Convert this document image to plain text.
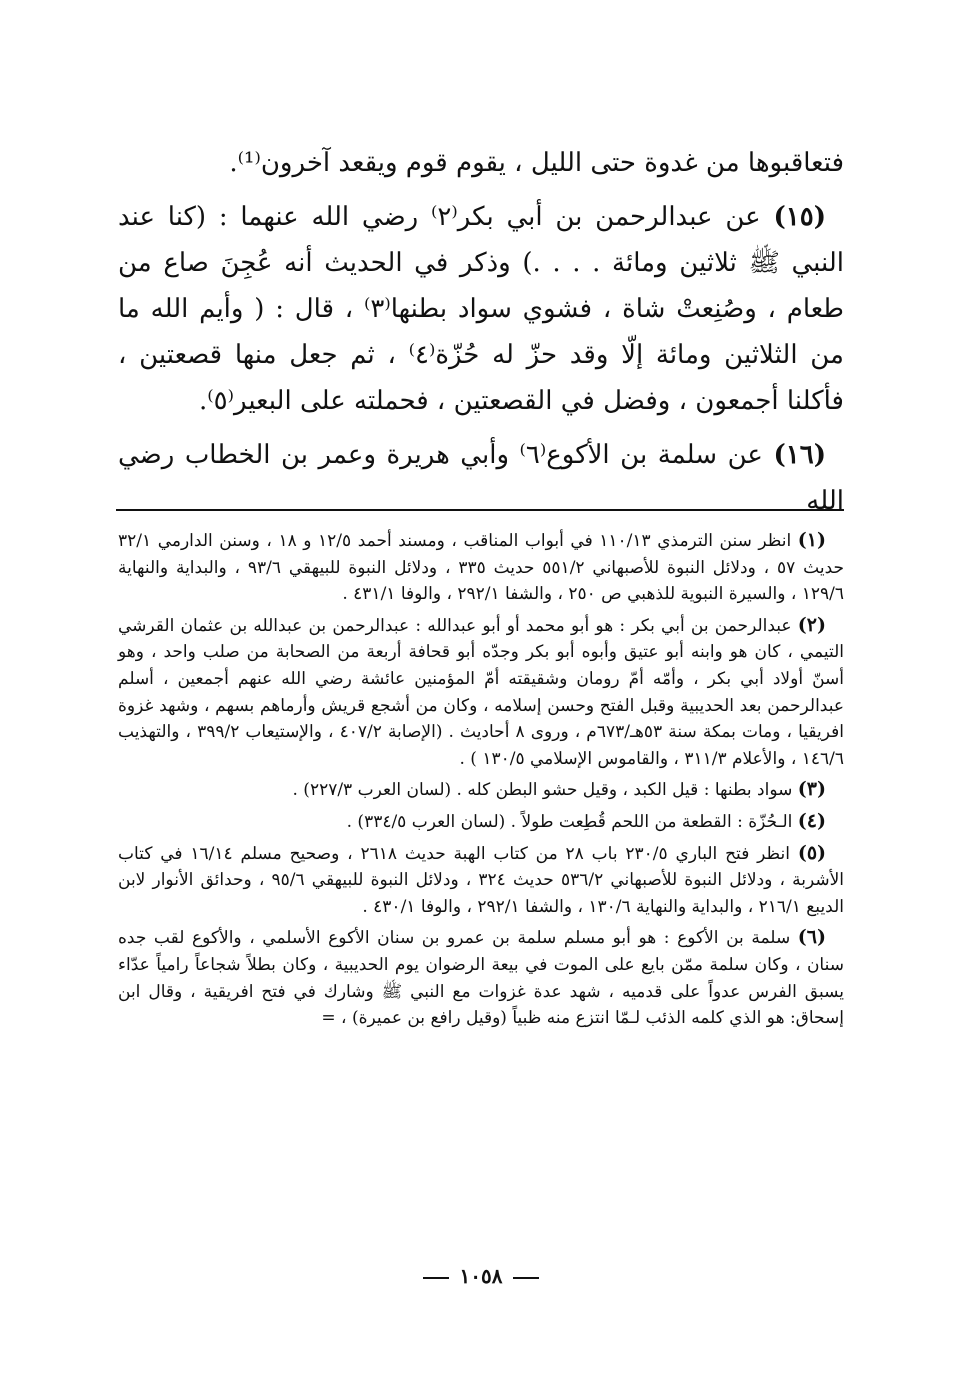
فتعاقبوها من غدوة حتى الليل ، يقوم قوم ويقعد آخرون⁽¹⁾.

(١٥) عن عبدالرحمن بن أبي بكر⁽٢⁾ رضي الله عنهما : (كنا عند النبي ﷺ ثلاثين ومائة . . . .) وذكر في الحديث أنه عُجِنَ صاع من طعام ، وصُنِعتْ شاة ، فشوي سواد بطنها⁽٣⁾ ، قال : ( وأيم الله ما من الثلاثين ومائة إلّا وقد حزّ له حُزّة⁽٤⁾ ، ثم جعل منها قصعتين ، فأكلنا أجمعون ، وفضل في القصعتين ، فحملته على البعير⁽٥⁾.

(١٦) عن سلمة بن الأكوع⁽٦⁾ وأبي هريرة وعمر بن الخطاب رضي الله

(١) انظر سنن الترمذي ١١٠/١٣ في أبواب المناقب ، ومسند أحمد ١٢/٥ و ١٨ ، وسنن الدارمي ٣٢/١ حديث ٥٧ ، ودلائل النبوة للأصبهاني ٥٥١/٢ حديث ٣٣٥ ، ودلائل النبوة للبيهقي ٩٣/٦ ، والبداية والنهاية ١٢٩/٦ ، والسيرة النبوية للذهبي ص ٢٥٠ ، والشفا ٢٩٢/١ ، والوفا ٤٣١/١ .

(٢) عبدالرحمن بن أبي بكر : هو أبو محمد أو أبو عبدالله : عبدالرحمن بن عبدالله بن عثمان القرشي التيمي ، كان هو وابنه أبو عتيق وأبوه أبو بكر وجدّه أبو قحافة أربعة من الصحابة من صلب واحد ، وهو أسنّ أولاد أبي بكر ، وأمّه أمّ رومان وشقيقته أمّ المؤمنين عائشة رضي الله عنهم أجمعين ، أسلم عبدالرحمن بعد الحديبية وقبل الفتح وحسن إسلامه ، وكان من أشجع قريش وأرماهم بسهم ، وشهد غزوة افريقيا ، ومات بمكة سنة ٥٣هـ/٦٧٣م ، وروى ٨ أحاديث . (الإصابة ٤٠٧/٢ ، والإستيعاب ٣٩٩/٢ ، والتهذيب ١٤٦/٦ ، والأعلام ٣١١/٣ ، والقاموس الإسلامي ١٣٠/٥ ) .

(٣) سواد بطنها : قيل الكبد ، وقيل حشو البطن كله . (لسان العرب ٢٢٧/٣) .

(٤) الـحُزّة : القطعة من اللحم قُطِعت طولاً . (لسان العرب ٣٣٤/٥) .

(٥) انظر فتح الباري ٢٣٠/٥ باب ٢٨ من كتاب الهبة حديث ٢٦١٨ ، وصحيح مسلم ١٦/١٤ في كتاب الأشربة ، ودلائل النبوة للأصبهاني ٥٣٦/٢ حديث ٣٢٤ ، ودلائل النبوة للبيهقي ٩٥/٦ ، وحدائق الأنوار لابن الديبع ٢١٦/١ ، والبداية والنهاية ١٣٠/٦ ، والشفا ٢٩٢/١ ، والوفا ٤٣٠/١ .

(٦) سلمة بن الأكوع : هو أبو مسلم سلمة بن عمرو بن سنان الأكوع الأسلمي ، والأكوع لقب جده سنان ، وكان سلمة ممّن بايع على الموت في بيعة الرضوان يوم الحديبية ، وكان بطلاً شجاعاً رامياً عدّاء يسبق الفرس عدواً على قدميه ، شهد عدة غزوات مع النبي ﷺ وشارك في فتح افريقية ، وقال ابن إسحاق: هو الذي كلمه الذئب لـمّا انتزع منه ظبياً (وقيل رافع بن عميرة) ، =

١٠٥٨
